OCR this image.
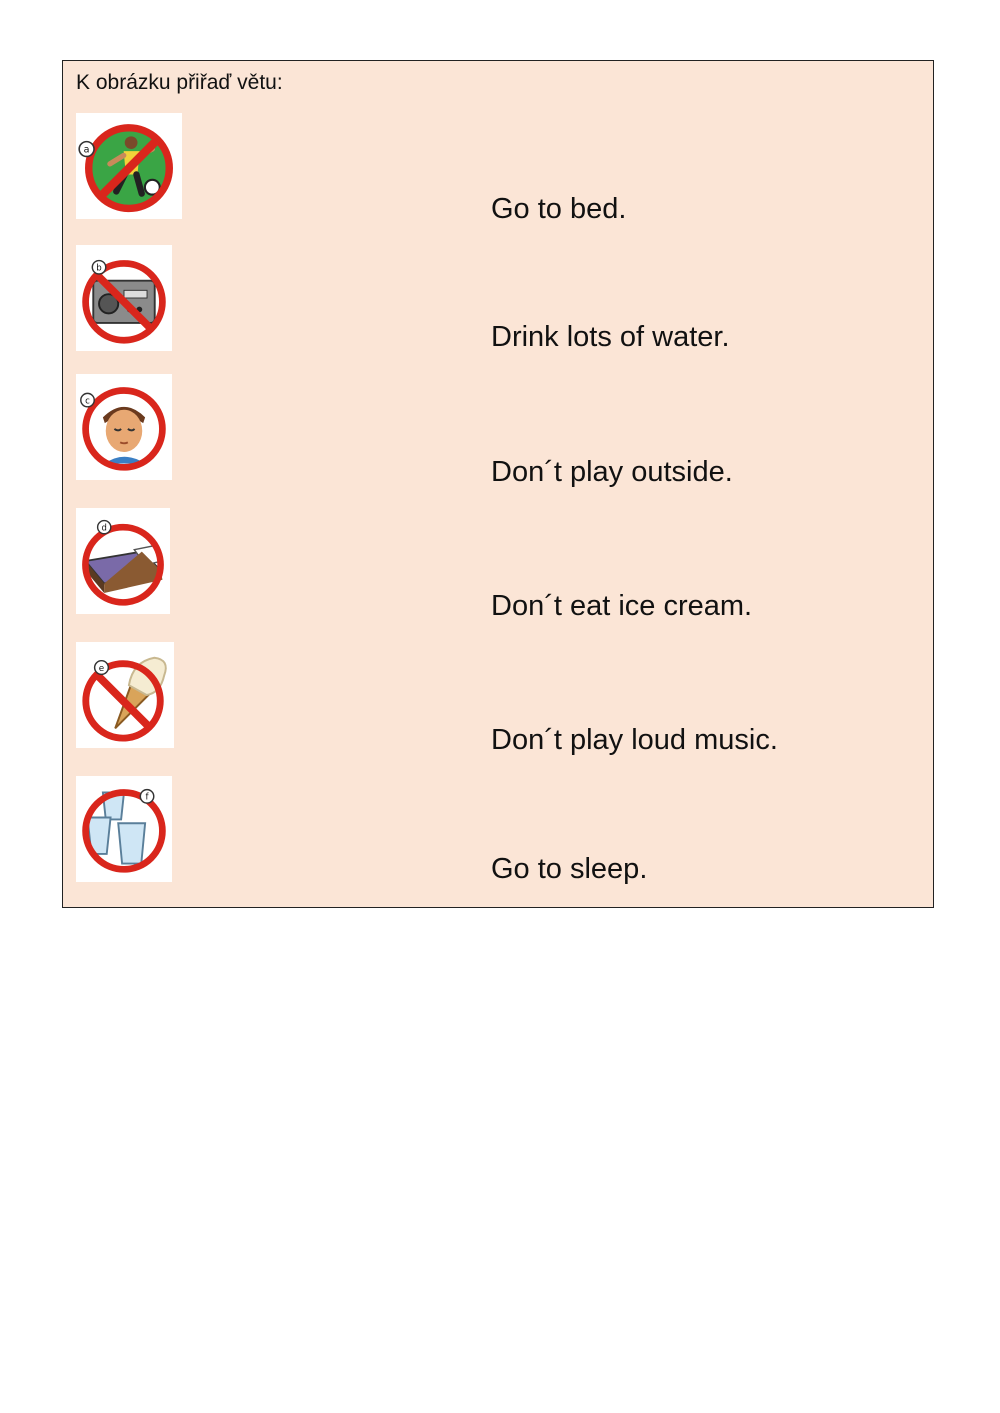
K obrázku přiřaď větu:
a
b
c
d
e
f
Go to bed.
Drink lots of water.
Don´t play outside.
Don´t eat ice cream.
Don´t play loud music.
Go to sleep.
